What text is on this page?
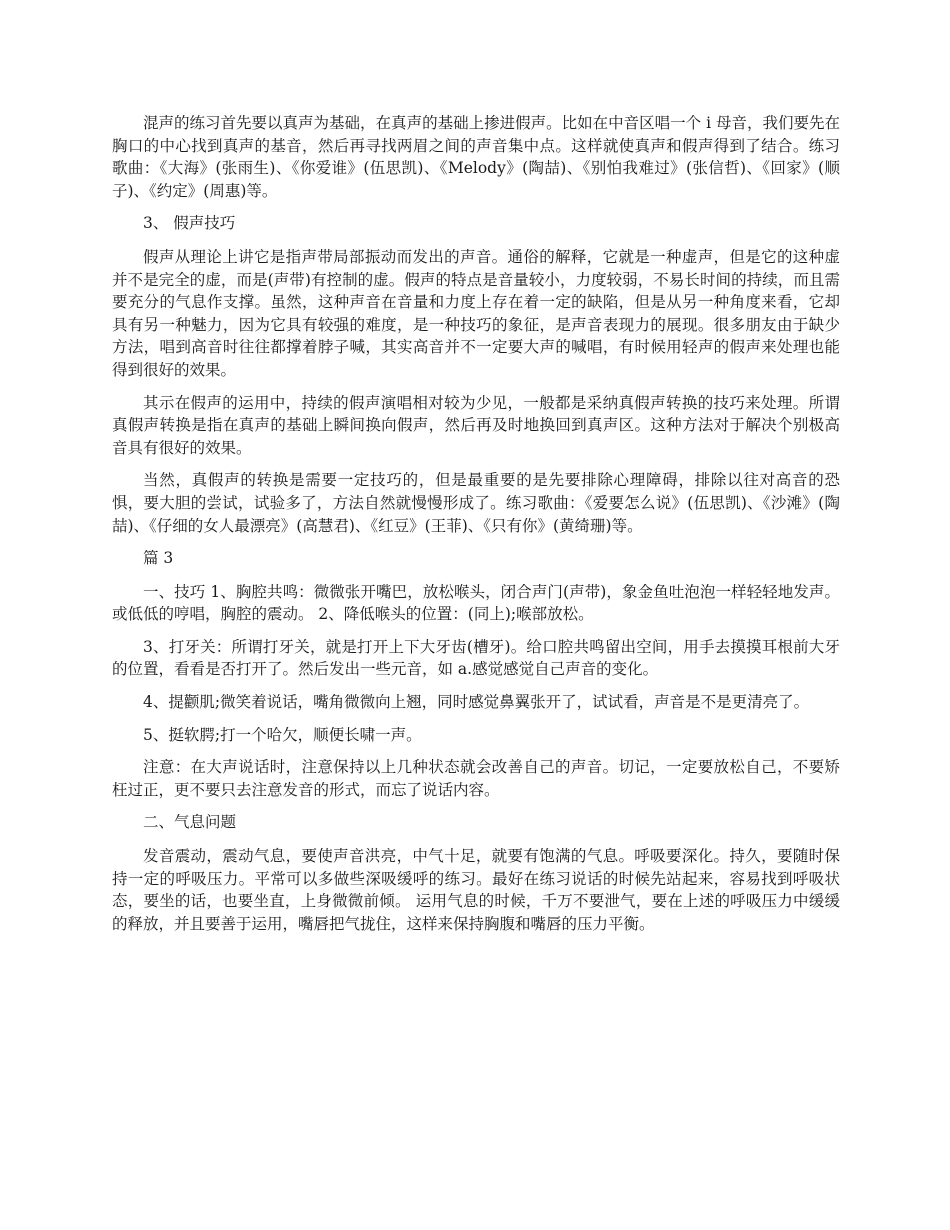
混声的练习首先要以真声为基础，在真声的基础上掺进假声。比如在中音区唱一个 i 母音，我们要先在胸口的中心找到真声的基音，然后再寻找两眉之间的声音集中点。这样就使真声和假声得到了结合。练习歌曲：《大海》(张雨生)、《你爱谁》(伍思凯)、《Melody》(陶喆)、《别怕我难过》(张信哲)、《回家》(顺子)、《约定》(周惠)等。

3、 假声技巧

假声从理论上讲它是指声带局部振动而发出的声音。通俗的解释，它就是一种虚声，但是它的这种虚并不是完全的虚，而是(声带)有控制的虚。假声的特点是音量较小，力度较弱，不易长时间的持续，而且需要充分的气息作支撑。虽然，这种声音在音量和力度上存在着一定的缺陷，但是从另一种角度来看，它却具有另一种魅力，因为它具有较强的难度，是一种技巧的象征，是声音表现力的展现。很多朋友由于缺少方法，唱到高音时往往都撑着脖子喊，其实高音并不一定要大声的喊唱，有时候用轻声的假声来处理也能得到很好的效果。

其示在假声的运用中，持续的假声演唱相对较为少见，一般都是采纳真假声转换的技巧来处理。所谓真假声转换是指在真声的基础上瞬间换向假声，然后再及时地换回到真声区。这种方法对于解决个别极高音具有很好的效果。

当然，真假声的转换是需要一定技巧的，但是最重要的是先要排除心理障碍，排除以往对高音的恐惧，要大胆的尝试，试验多了，方法自然就慢慢形成了。练习歌曲：《爱要怎么说》(伍思凯)、《沙滩》(陶喆)、《仔细的女人最漂亮》(高慧君)、《红豆》(王菲)、《只有你》(黄绮珊)等。

篇 3

一、技巧 1、胸腔共鸣：微微张开嘴巴，放松喉头，闭合声门(声带)，象金鱼吐泡泡一样轻轻地发声。或低低的哼唱，胸腔的震动。 2、降低喉头的位置：(同上);喉部放松。

3、打牙关：所谓打牙关，就是打开上下大牙齿(槽牙)。给口腔共鸣留出空间，用手去摸摸耳根前大牙的位置，看看是否打开了。然后发出一些元音，如 a.感觉感觉自己声音的变化。

4、提颧肌;微笑着说话，嘴角微微向上翘，同时感觉鼻翼张开了，试试看，声音是不是更清亮了。

5、挺软腭;打一个哈欠，顺便长啸一声。

注意：在大声说话时，注意保持以上几种状态就会改善自己的声音。切记，一定要放松自己，不要矫枉过正，更不要只去注意发音的形式，而忘了说话内容。

二、气息问题

发音震动，震动气息，要使声音洪亮，中气十足，就要有饱满的气息。呼吸要深化。持久，要随时保持一定的呼吸压力。平常可以多做些深吸缓呼的练习。最好在练习说话的时候先站起来，容易找到呼吸状态，要坐的话，也要坐直，上身微微前倾。 运用气息的时候，千万不要泄气，要在上述的呼吸压力中缓缓的释放，并且要善于运用，嘴唇把气拢住，这样来保持胸腹和嘴唇的压力平衡。
